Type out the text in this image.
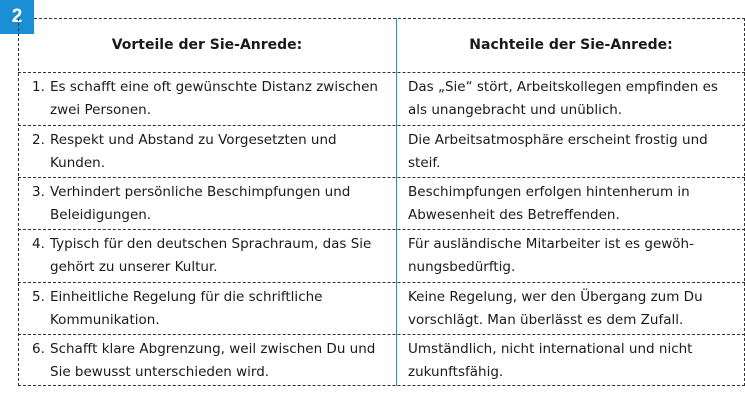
2
Vorteile der Sie-Anrede:	Nachteile der Sie-Anrede:
1. Es schafft eine oft gewünschte Distanz zwischen zwei Personen.
Das „Sie“ stört, Arbeitskollegen empfinden es als unangebracht und unüblich.
2. Respekt und Abstand zu Vorgesetzten und Kunden.
Die Arbeitsatmosphäre erscheint frostig und steif.
3. Verhindert persönliche Beschimpfungen und Beleidigungen.
Beschimpfungen erfolgen hintenherum in Abwesenheit des Betreffenden.
4. Typisch für den deutschen Sprachraum, das Sie gehört zu unserer Kultur.
Für ausländische Mitarbeiter ist es gewöh-nungsbedürftig.
5. Einheitliche Regelung für die schriftliche Kommunikation.
Keine Regelung, wer den Übergang zum Du vorschlägt. Man überlässt es dem Zufall.
6. Schafft klare Abgrenzung, weil zwischen Du und Sie bewusst unterschieden wird.
Umständlich, nicht international und nicht zukunftsfähig.
